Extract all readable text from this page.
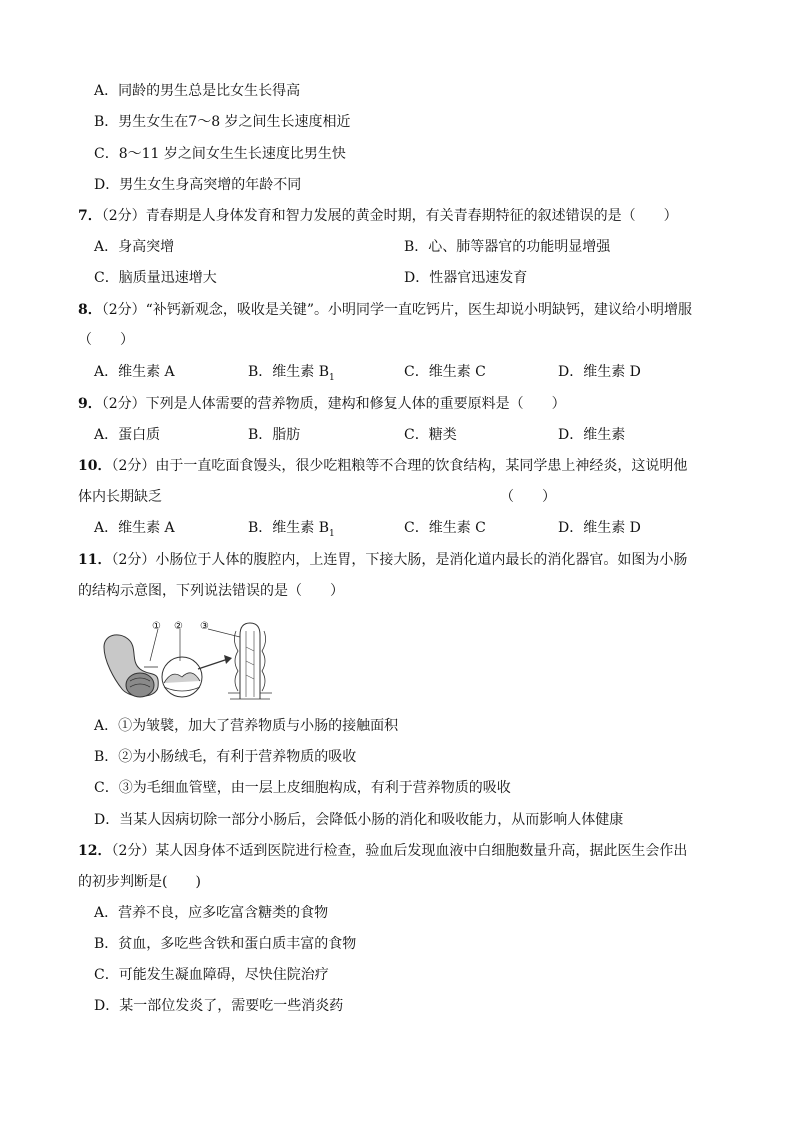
A．同龄的男生总是比女生长得高
B．男生女生在7～8 岁之间生长速度相近
C．8～11 岁之间女生生长速度比男生快
D．男生女生身高突增的年龄不同
7．（2分）青春期是人身体发育和智力发展的黄金时期，有关青春期特征的叙述错误的是（　　）
A．身高突增	B．心、肺等器官的功能明显增强
C．脑质量迅速增大	D．性器官迅速发育
8．（2分）“补钙新观念，吸收是关键”。小明同学一直吃钙片，医生却说小明缺钙，建议给小明增服
（　　）
A．维生素 A	B．维生素 $B_1$	C．维生素 C	D．维生素 D
9．（2分）下列是人体需要的营养物质，建构和修复人体的重要原料是（　　）
A．蛋白质	B．脂肪	C．糖类	D．维生素
10．（2分）由于一直吃面食馒头，很少吃粗粮等不合理的饮食结构，某同学患上神经炎，这说明他
体内长期缺乏	（　　）
A．维生素 A	B．维生素 $B_1$	C．维生素 C	D．维生素 D
11．（2分）小肠位于人体的腹腔内，上连胃，下接大肠，是消化道内最长的消化器官。如图为小肠
的结构示意图，下列说法错误的是（　　）
① ② ③
A．①为皱襞，加大了营养物质与小肠的接触面积
B．②为小肠绒毛，有利于营养物质的吸收
C．③为毛细血管壁，由一层上皮细胞构成，有利于营养物质的吸收
D．当某人因病切除一部分小肠后，会降低小肠的消化和吸收能力，从而影响人体健康
12．（2分）某人因身体不适到医院进行检查，验血后发现血液中白细胞数量升高，据此医生会作出
的初步判断是(　　)
A．营养不良，应多吃富含糖类的食物
B．贫血，多吃些含铁和蛋白质丰富的食物
C．可能发生凝血障碍，尽快住院治疗
D．某一部位发炎了，需要吃一些消炎药
